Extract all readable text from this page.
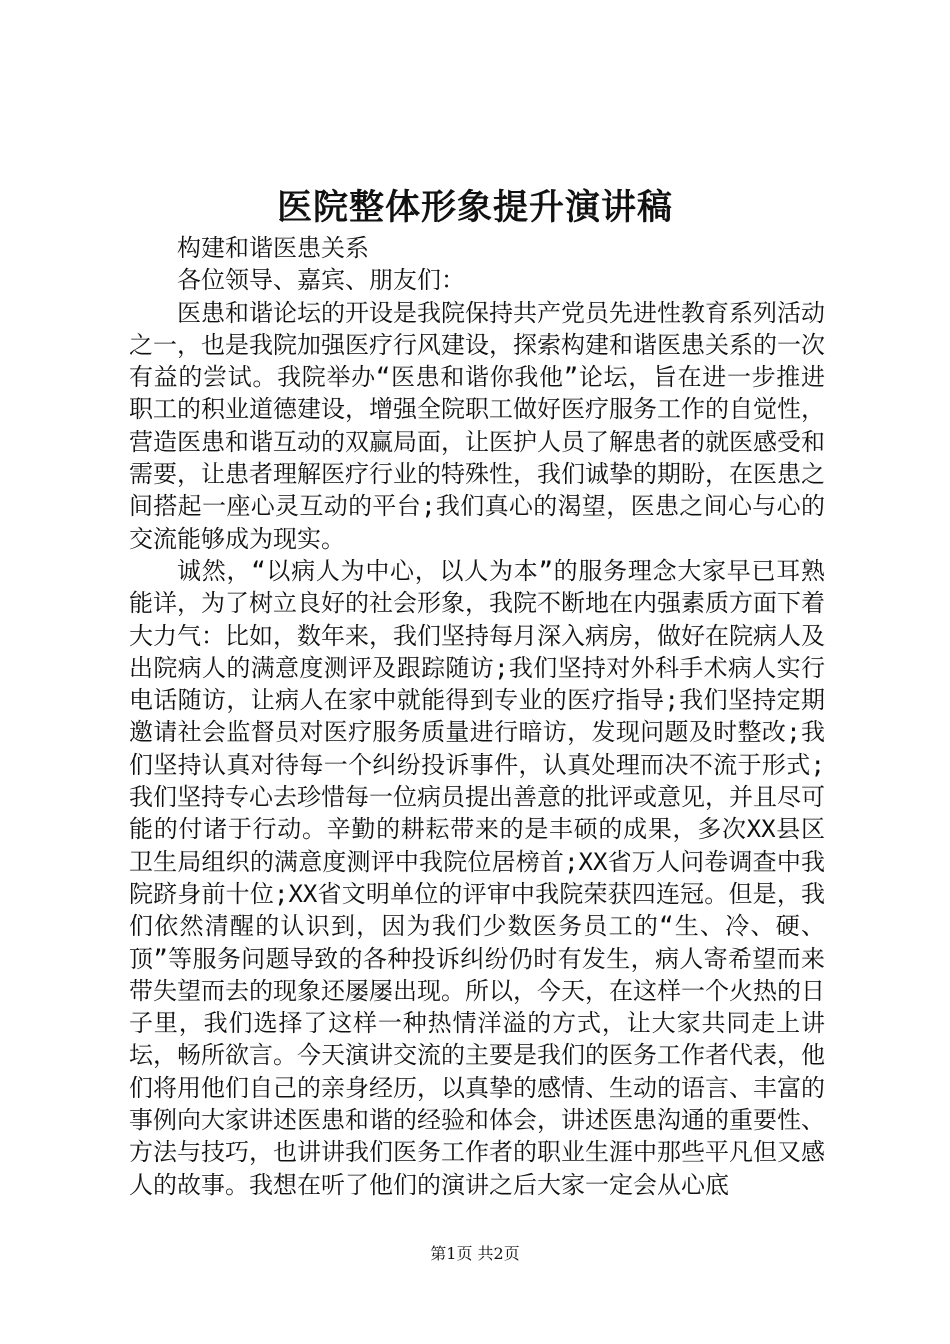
医院整体形象提升演讲稿

构建和谐医患关系

各位领导、嘉宾、朋友们：

医患和谐论坛的开设是我院保持共产党员先进性教育系列活动之一，也是我院加强医疗行风建设，探索构建和谐医患关系的一次有益的尝试。我院举办“医患和谐你我他”论坛，旨在进一步推进职工的积业道德建设，增强全院职工做好医疗服务工作的自觉性，营造医患和谐互动的双赢局面，让医护人员了解患者的就医感受和需要，让患者理解医疗行业的特殊性，我们诚挚的期盼，在医患之间搭起一座心灵互动的平台;我们真心的渴望，医患之间心与心的交流能够成为现实。

诚然，“以病人为中心，以人为本”的服务理念大家早已耳熟能详，为了树立良好的社会形象，我院不断地在内强素质方面下着大力气：比如，数年来，我们坚持每月深入病房，做好在院病人及出院病人的满意度测评及跟踪随访;我们坚持对外科手术病人实行电话随访，让病人在家中就能得到专业的医疗指导;我们坚持定期邀请社会监督员对医疗服务质量进行暗访，发现问题及时整改;我们坚持认真对待每一个纠纷投诉事件，认真处理而决不流于形式;我们坚持专心去珍惜每一位病员提出善意的批评或意见，并且尽可能的付诸于行动。辛勤的耕耘带来的是丰硕的成果，多次XX县区卫生局组织的满意度测评中我院位居榜首;XX省万人问卷调查中我院跻身前十位;XX省文明单位的评审中我院荣获四连冠。但是，我们依然清醒的认识到，因为我们少数医务员工的“生、冷、硬、顶”等服务问题导致的各种投诉纠纷仍时有发生，病人寄希望而来带失望而去的现象还屡屡出现。所以，今天，在这样一个火热的日子里，我们选择了这样一种热情洋溢的方式，让大家共同走上讲坛，畅所欲言。今天演讲交流的主要是我们的医务工作者代表，他们将用他们自己的亲身经历，以真挚的感情、生动的语言、丰富的事例向大家讲述医患和谐的经验和体会，讲述医患沟通的重要性、方法与技巧，也讲讲我们医务工作者的职业生涯中那些平凡但又感人的故事。我想在听了他们的演讲之后大家一定会从心底

第1页 共2页
